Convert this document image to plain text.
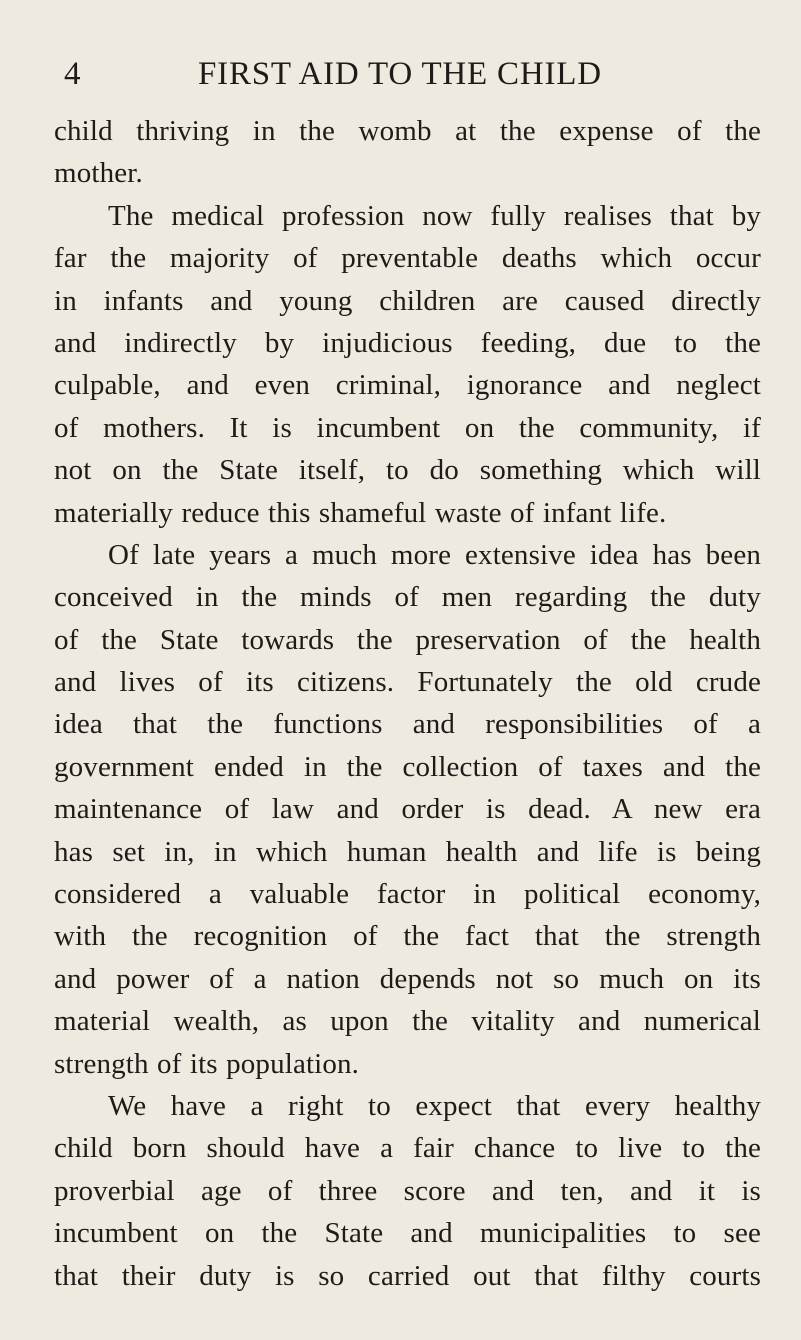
4	FIRST AID TO THE CHILD
child thriving in the womb at the expense of the
mother.
The medical profession now fully realises that by
far the majority of preventable deaths which occur
in infants and young children are caused directly
and indirectly by injudicious feeding, due to the
culpable, and even criminal, ignorance and neglect
of mothers. It is incumbent on the community, if
not on the State itself, to do something which will
materially reduce this shameful waste of infant life.
Of late years a much more extensive idea has been
conceived in the minds of men regarding the duty
of the State towards the preservation of the health
and lives of its citizens. Fortunately the old crude
idea that the functions and responsibilities of a
government ended in the collection of taxes and the
maintenance of law and order is dead. A new era
has set in, in which human health and life is being
considered a valuable factor in political economy,
with the recognition of the fact that the strength
and power of a nation depends not so much on its
material wealth, as upon the vitality and numerical
strength of its population.
We have a right to expect that every healthy
child born should have a fair chance to live to the
proverbial age of three score and ten, and it is
incumbent on the State and municipalities to see
that their duty is so carried out that filthy courts
